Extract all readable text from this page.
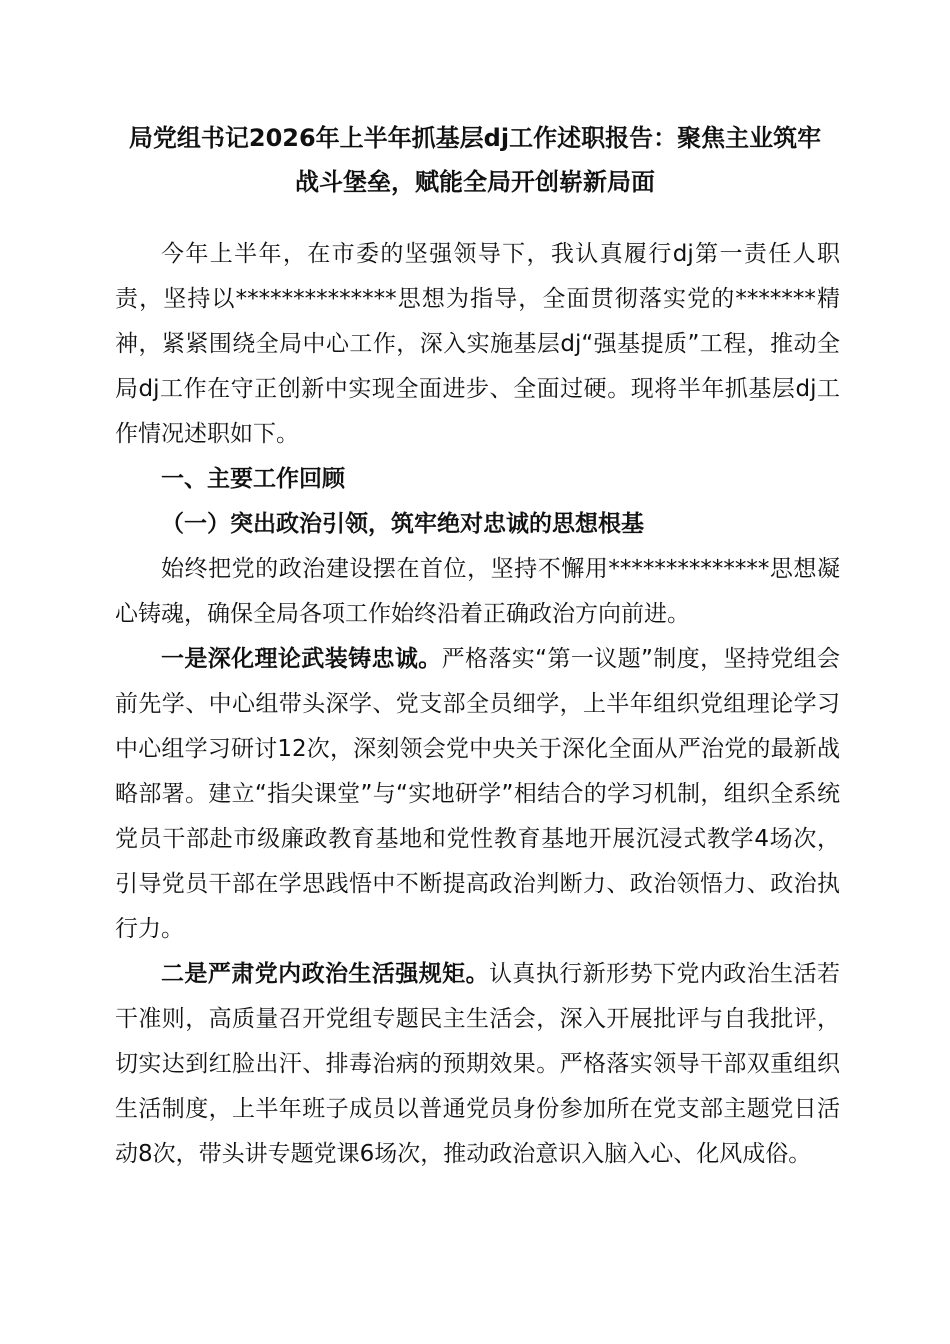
局党组书记2026年上半年抓基层dj工作述职报告：聚焦主业筑牢
战斗堡垒，赋能全局开创崭新局面

今年上半年，在市委的坚强领导下，我认真履行dj第一责任人职责，坚持以**************思想为指导，全面贯彻落实党的*******精神，紧紧围绕全局中心工作，深入实施基层dj“强基提质”工程，推动全局dj工作在守正创新中实现全面进步、全面过硬。现将半年抓基层dj工作情况述职如下。

一、主要工作回顾

（一）突出政治引领，筑牢绝对忠诚的思想根基

始终把党的政治建设摆在首位，坚持不懈用**************思想凝心铸魂，确保全局各项工作始终沿着正确政治方向前进。

一是深化理论武装铸忠诚。严格落实“第一议题”制度，坚持党组会前先学、中心组带头深学、党支部全员细学，上半年组织党组理论学习中心组学习研讨12次，深刻领会党中央关于深化全面从严治党的最新战略部署。建立“指尖课堂”与“实地研学”相结合的学习机制，组织全系统党员干部赴市级廉政教育基地和党性教育基地开展沉浸式教学4场次，引导党员干部在学思践悟中不断提高政治判断力、政治领悟力、政治执行力。

二是严肃党内政治生活强规矩。认真执行新形势下党内政治生活若干准则，高质量召开党组专题民主生活会，深入开展批评与自我批评，切实达到红脸出汗、排毒治病的预期效果。严格落实领导干部双重组织生活制度，上半年班子成员以普通党员身份参加所在党支部主题党日活动8次，带头讲专题党课6场次，推动政治意识入脑入心、化风成俗。
